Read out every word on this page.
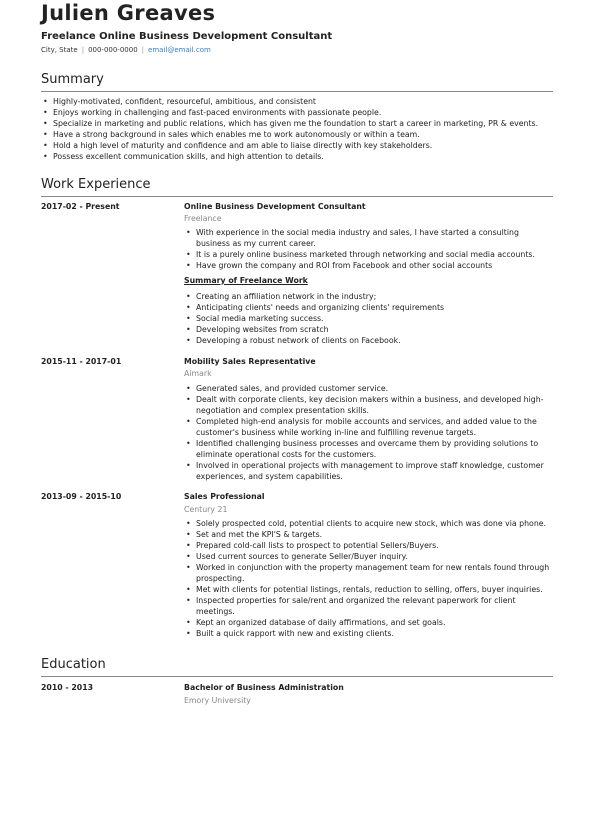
Julien Greaves
Freelance Online Business Development Consultant
City, State | 000-000-0000 | email@email.com
Summary
• Highly-motivated, confident, resourceful, ambitious, and consistent
• Enjoys working in challenging and fast-paced environments with passionate people.
• Specialize in marketing and public relations, which has given me the foundation to start a career in marketing, PR & events.
• Have a strong background in sales which enables me to work autonomously or within a team.
• Hold a high level of maturity and confidence and am able to liaise directly with key stakeholders.
• Possess excellent communication skills, and high attention to details.
Work Experience
2017-02 - Present	Online Business Development Consultant
Freelance
• With experience in the social media industry and sales, I have started a consulting business as my current career.
• It is a purely online business marketed through networking and social media accounts.
• Have grown the company and ROI from Facebook and other social accounts
Summary of Freelance Work
• Creating an affiliation network in the industry;
• Anticipating clients' needs and organizing clients' requirements
• Social media marketing success.
• Developing websites from scratch
• Developing a robust network of clients on Facebook.
2015-11 - 2017-01	Mobility Sales Representative
Aimark
• Generated sales, and provided customer service.
• Dealt with corporate clients, key decision makers within a business, and developed high-negotiation and complex presentation skills.
• Completed high-end analysis for mobile accounts and services, and added value to the customer's business while working in-line and fulfilling revenue targets.
• Identified challenging business processes and overcame them by providing solutions to eliminate operational costs for the customers.
• Involved in operational projects with management to improve staff knowledge, customer experiences, and system capabilities.
2013-09 - 2015-10	Sales Professional
Century 21
• Solely prospected cold, potential clients to acquire new stock, which was done via phone.
• Set and met the KPI'S & targets.
• Prepared cold-call lists to prospect to potential Sellers/Buyers.
• Used current sources to generate Seller/Buyer inquiry.
• Worked in conjunction with the property management team for new rentals found through prospecting.
• Met with clients for potential listings, rentals, reduction to selling, offers, buyer inquiries.
• Inspected properties for sale/rent and organized the relevant paperwork for client meetings.
• Kept an organized database of daily affirmations, and set goals.
• Built a quick rapport with new and existing clients.
Education
2010 - 2013	Bachelor of Business Administration
Emory University
